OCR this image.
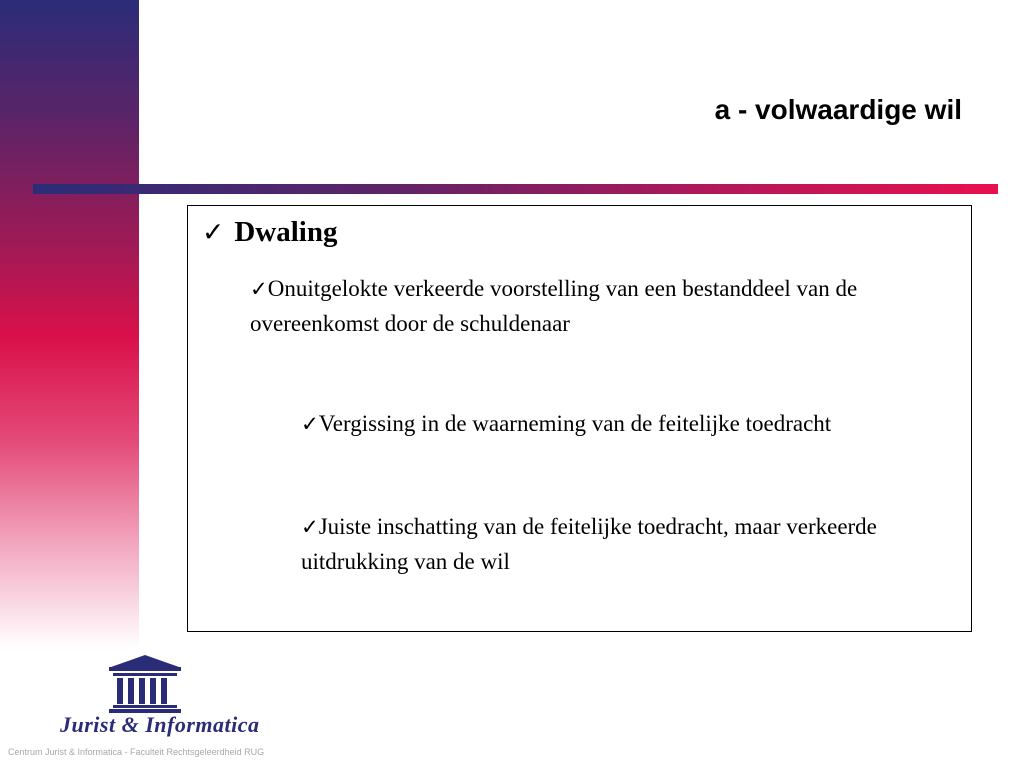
a - volwaardige wil
✓ Dwaling
✓Onuitgelokte verkeerde voorstelling van een bestanddeel van de overeenkomst door de schuldenaar
✓Vergissing in de waarneming van de feitelijke toedracht
✓Juiste inschatting van de feitelijke toedracht, maar verkeerde uitdrukking van de wil
Jurist & Informatica
Centrum Jurist & Informatica - Faculteit Rechtsgeleerdheid RUG
